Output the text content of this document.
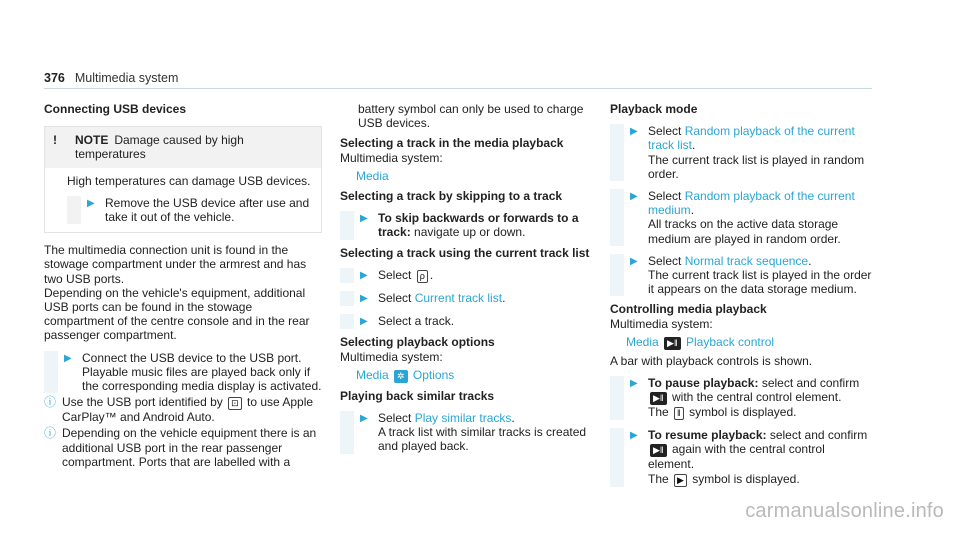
376 Multimedia system
Connecting USB devices
!	NOTE Damage caused by high temperatures

High temperatures can damage USB devices.

▶ Remove the USB device after use and take it out of the vehicle.

The multimedia connection unit is found in the stowage compartment under the armrest and has two USB ports.

Depending on the vehicle's equipment, additional USB ports can be found in the stowage compartment of the centre console and in the rear passenger compartment.

▶ Connect the USB device to the USB port. Playable music files are played back only if the corresponding media display is activated.
ⓘ Use the USB port identified by ⊡ to use Apple CarPlay™ and Android Auto.
ⓘ Depending on the vehicle equipment there is an additional USB port in the rear passenger compartment. Ports that are labelled with a

battery symbol can only be used to charge USB devices.

Selecting a track in the media playback

Multimedia system:

Media

Selecting a track by skipping to a track
▶ To skip backwards or forwards to a track: navigate up or down.
Selecting a track using the current track list
▶ Select ρ .
▶ Select Current track list.
▶ Select a track.
Selecting playback options

Multimedia system:

Media ✲ Options

Playing back similar tracks
▶ Select Play similar tracks.
A track list with similar tracks is created and played back.
Playback mode
▶ Select Random playback of the current track list.
The current track list is played in random order.
▶ Select Random playback of the current medium.
All tracks on the active data storage medium are played in random order.
▶ Select Normal track sequence.
The current track list is played in the order it appears on the data storage medium.
Controlling media playback

Multimedia system:

Media ▶‖ Playback control

A bar with playback controls is shown.

▶ To pause playback: select and confirm
▶‖ with the central control element.
The ‖ symbol is displayed.
▶ To resume playback: select and confirm
▶‖ again with the central control element.
The ▶ symbol is displayed.
carmanualsonline.info
